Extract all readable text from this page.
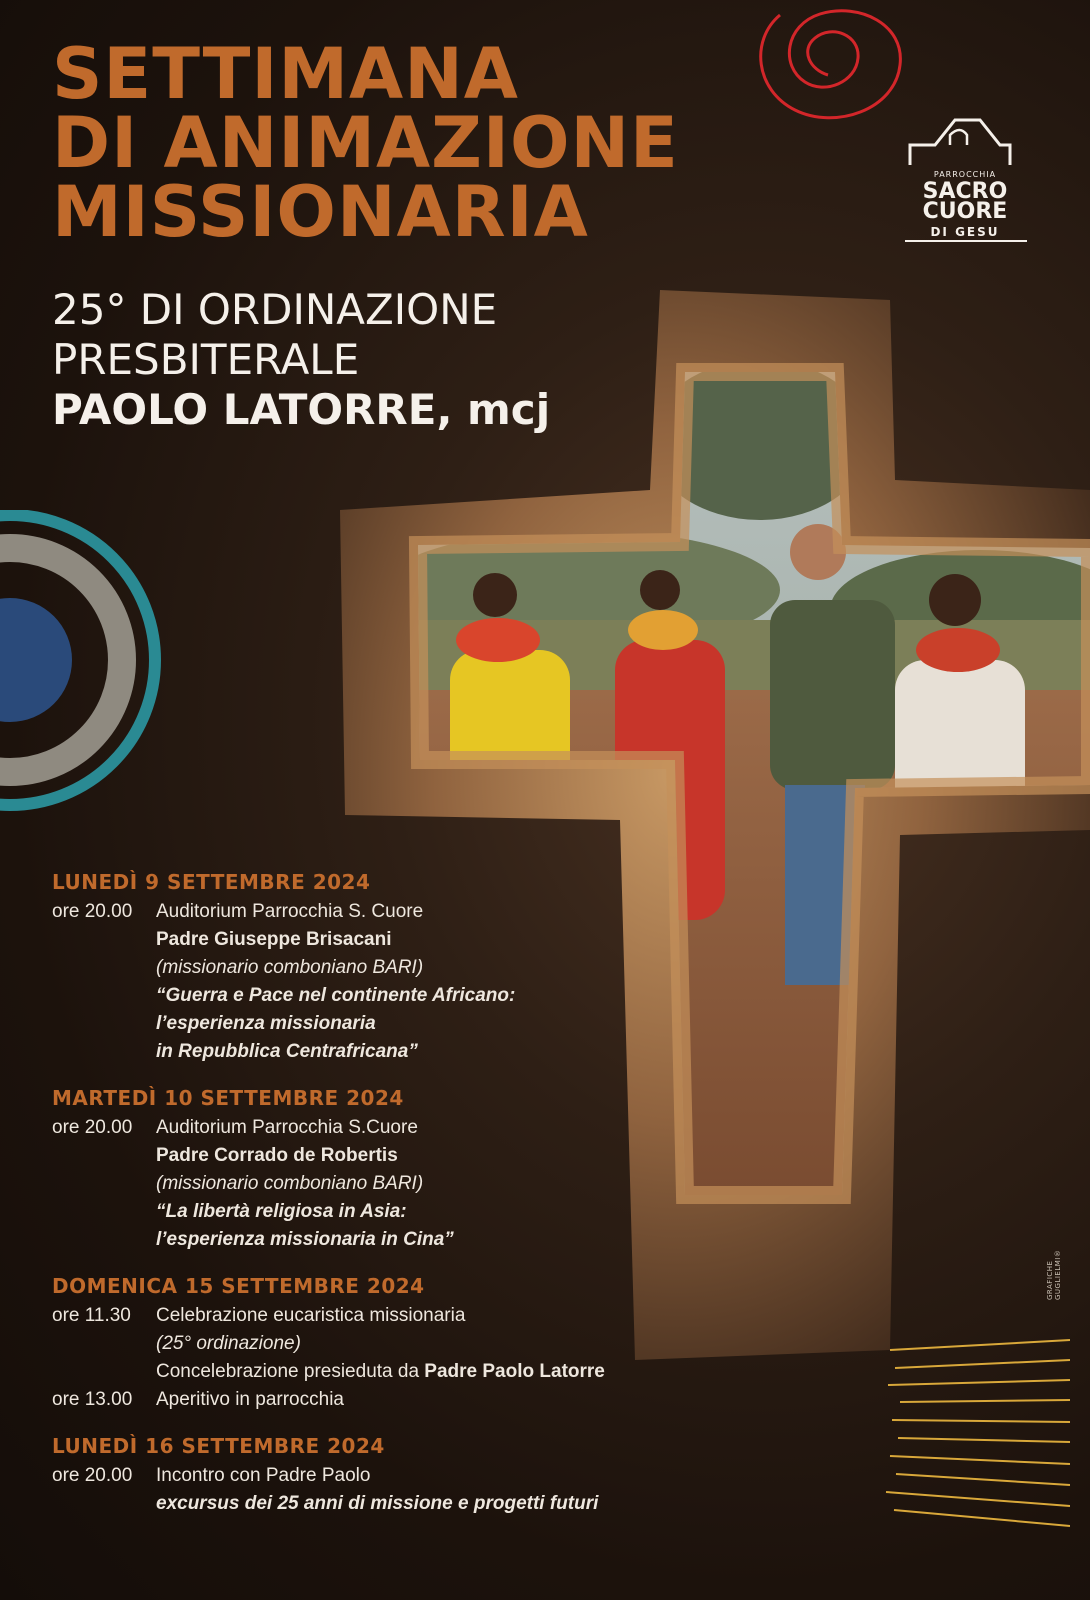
SETTIMANA
DI ANIMAZIONE
MISSIONARIA
25° DI ORDINAZIONE
PRESBITERALE
PAOLO LATORRE, mcj
PARROCCHIA
SACRO
CUORE
DI GESU
GRAFICHE GUGLIELMI®
LUNEDÌ 9 SETTEMBRE 2024
ore 20.00	Auditorium Parrocchia S. Cuore
Padre Giuseppe Brisacani
(missionario comboniano BARI)
“Guerra e Pace nel continente Africano:
l’esperienza missionaria
in Repubblica Centrafricana”
MARTEDÌ 10 SETTEMBRE 2024
ore 20.00	Auditorium Parrocchia S.Cuore
Padre Corrado de Robertis
(missionario comboniano BARI)
“La libertà religiosa in Asia:
l’esperienza missionaria in Cina”
DOMENICA 15 SETTEMBRE 2024
ore 11.30	Celebrazione eucaristica missionaria
(25° ordinazione)
Concelebrazione presieduta da Padre Paolo Latorre
ore 13.00	Aperitivo in parrocchia
LUNEDÌ 16 SETTEMBRE 2024
ore 20.00	Incontro con Padre Paolo
excursus dei 25 anni di missione e progetti futuri
